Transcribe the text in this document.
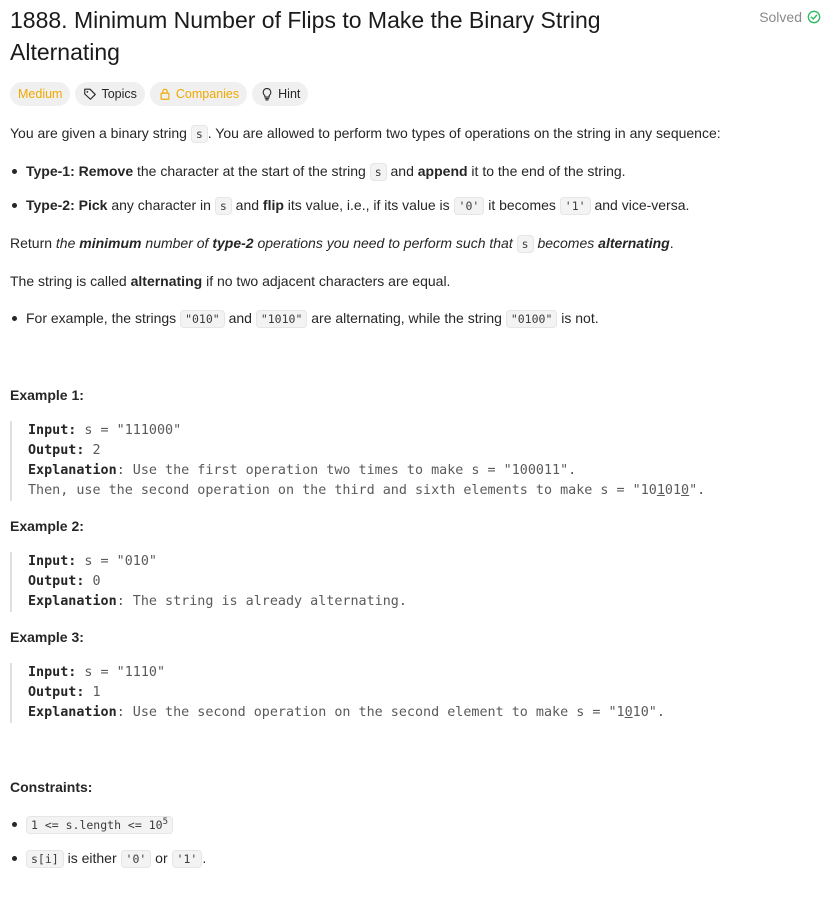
1888. Minimum Number of Flips to Make the Binary String Alternating
Solved
Medium	Topics	Companies	Hint

You are given a binary string s . You are allowed to perform two types of operations on the string in any sequence:

Type-1: Remove the character at the start of the string s and append it to the end of the string.
Type-2: Pick any character in s and flip its value, i.e., if its value is '0' it becomes '1' and vice-versa.

Return the minimum number of type-2 operations you need to perform such that s becomes alternating.

The string is called alternating if no two adjacent characters are equal.

For example, the strings "010" and "1010" are alternating, while the string "0100" is not.
Example 1:
Input: s = "111000"
Output: 2
Explanation: Use the first operation two times to make s = "100011".
Then, use the second operation on the third and sixth elements to make s = "101010".
Example 2:
Input: s = "010"
Output: 0
Explanation: The string is already alternating.
Example 3:
Input: s = "1110"
Output: 1
Explanation: Use the second operation on the second element to make s = "1010".
Constraints:
1 <= s.length <= $10^5$
s[i] is either '0' or '1' .
